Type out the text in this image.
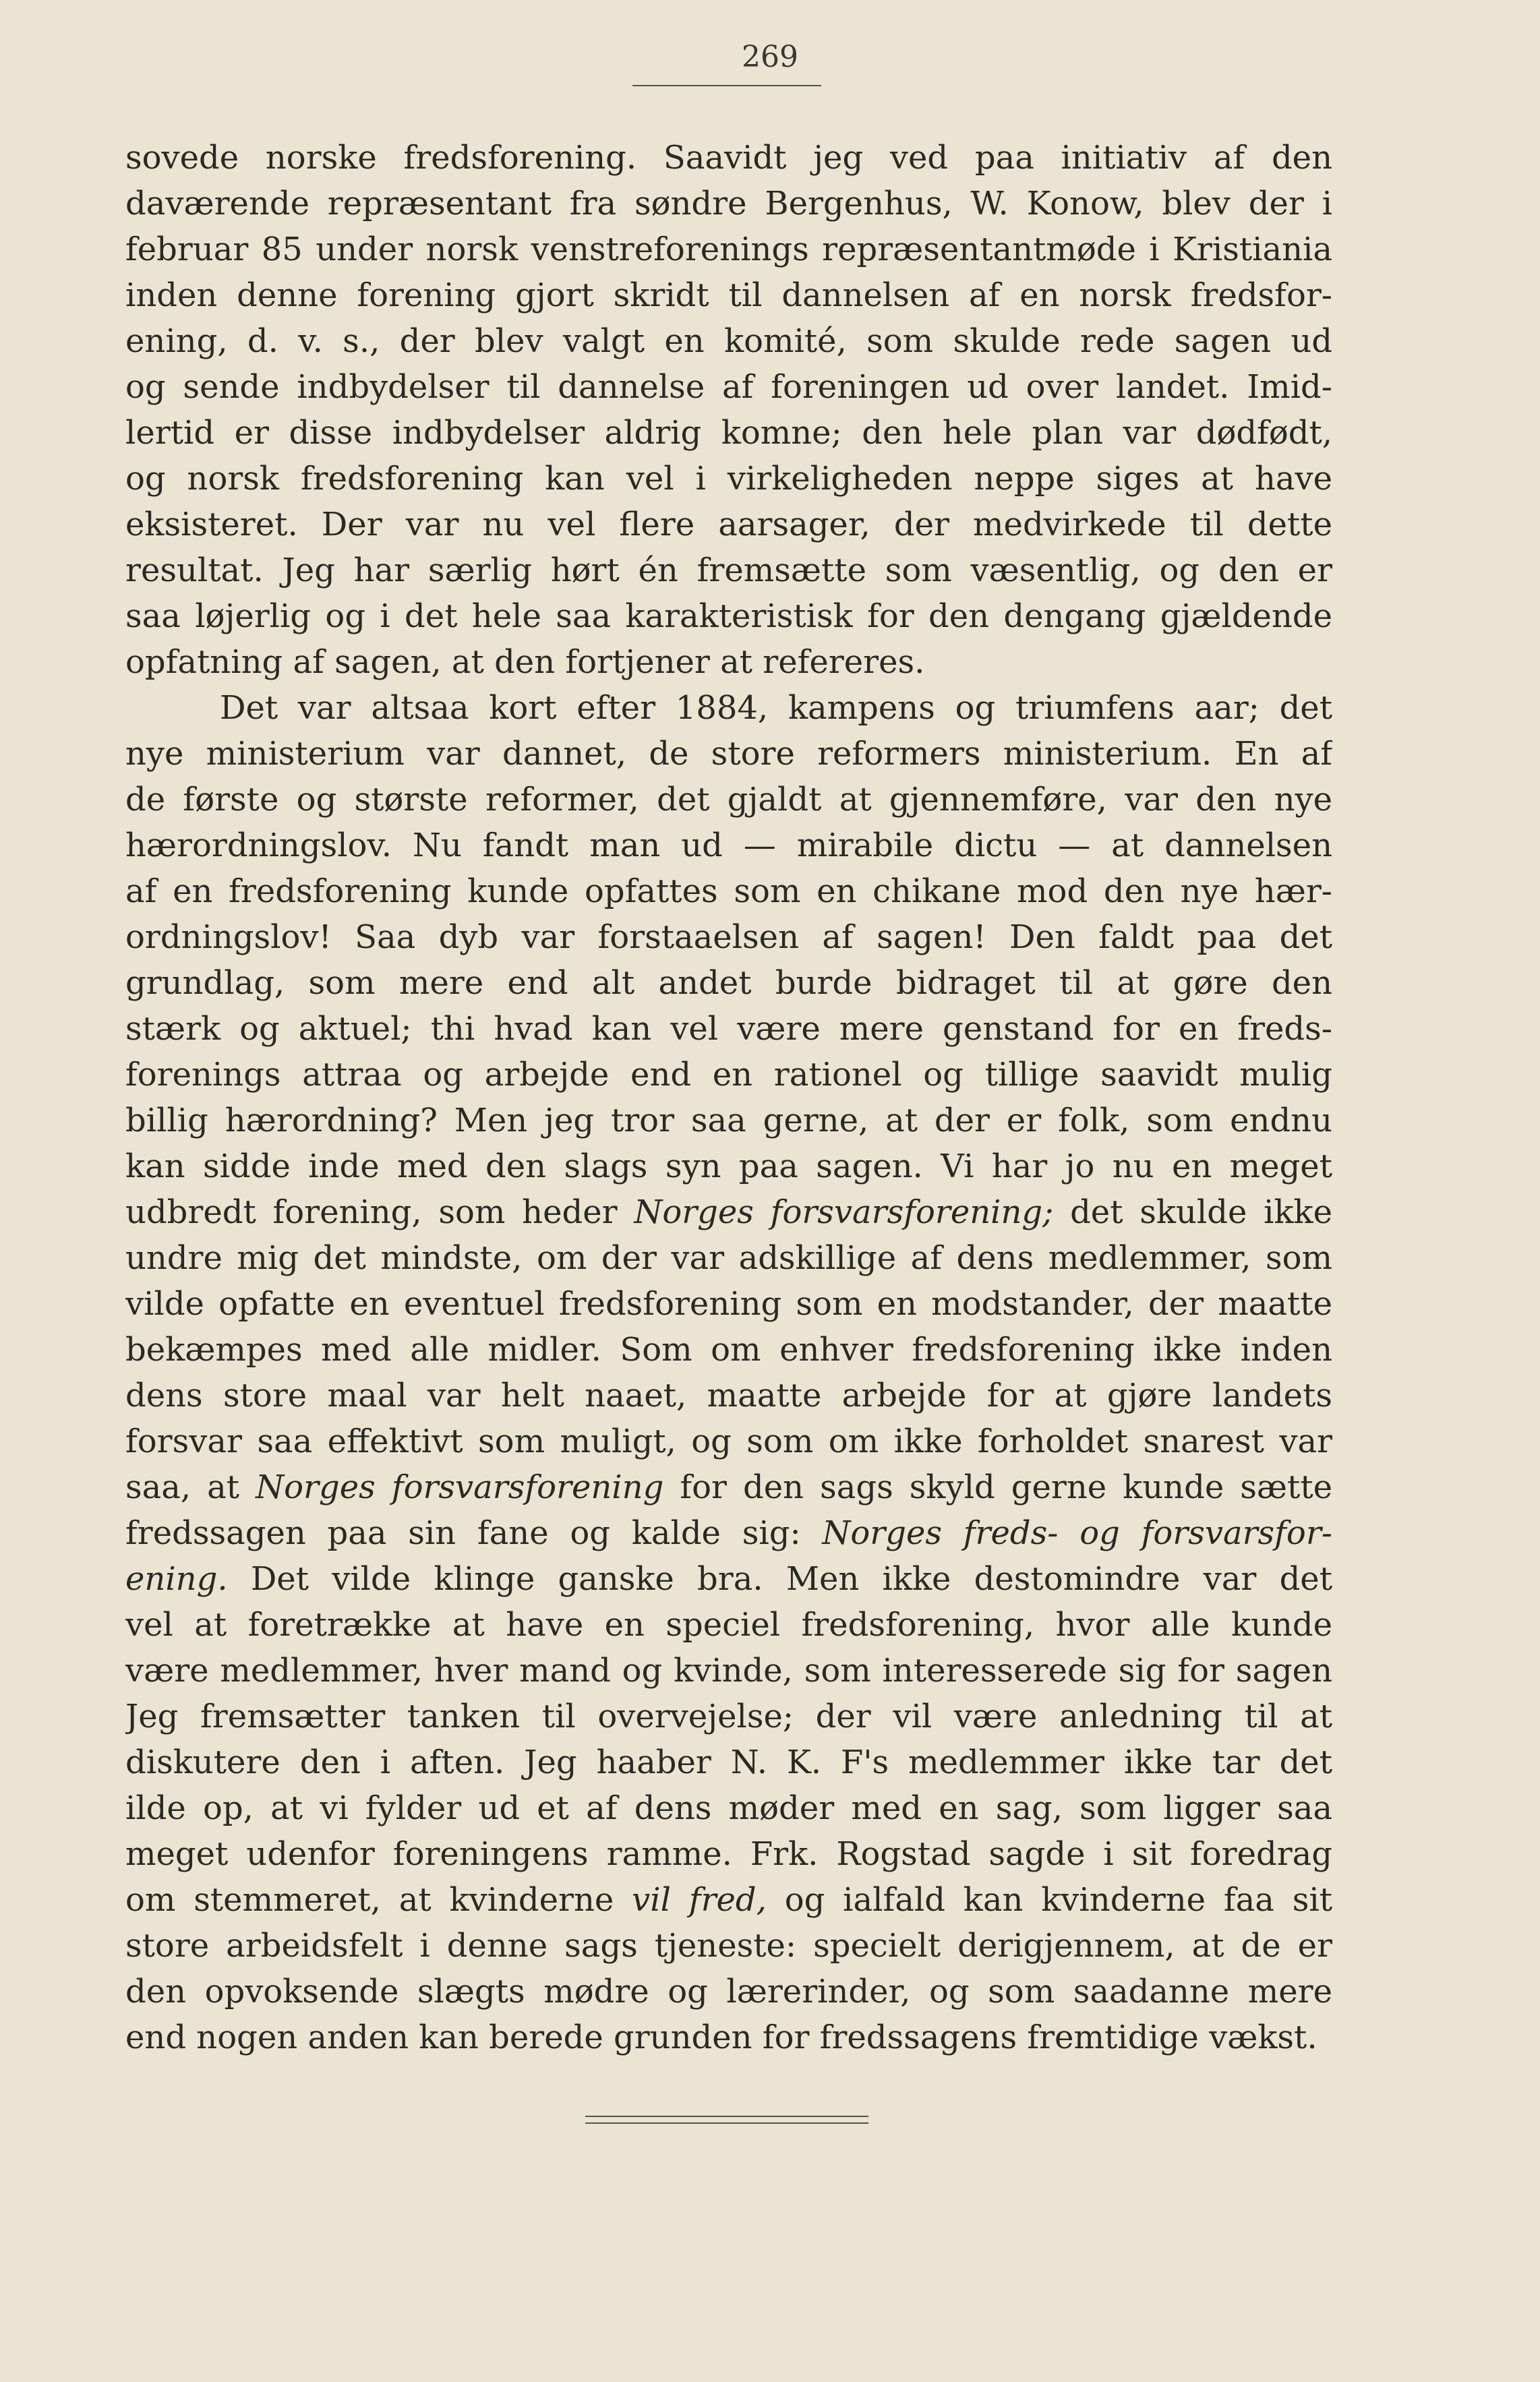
269
sovede norske fredsforening. Saavidt jeg ved paa initiativ af den
daværende repræsentant fra søndre Bergenhus, W. Konow, blev der i
februar 85 under norsk venstreforenings repræsentantmøde i Kristiania
inden denne forening gjort skridt til dannelsen af en norsk fredsfor-
ening, d. v. s., der blev valgt en komité, som skulde rede sagen ud
og sende indbydelser til dannelse af foreningen ud over landet. Imid-
lertid er disse indbydelser aldrig komne; den hele plan var dødfødt,
og norsk fredsforening kan vel i virkeligheden neppe siges at have
eksisteret. Der var nu vel flere aarsager, der medvirkede til dette
resultat. Jeg har særlig hørt én fremsætte som væsentlig, og den er
saa løjerlig og i det hele saa karakteristisk for den dengang gjældende
opfatning af sagen, at den fortjener at refereres.
Det var altsaa kort efter 1884, kampens og triumfens aar; det
nye ministerium var dannet, de store reformers ministerium. En af
de første og største reformer, det gjaldt at gjennemføre, var den nye
hærordningslov. Nu fandt man ud — mirabile dictu — at dannelsen
af en fredsforening kunde opfattes som en chikane mod den nye hær-
ordningslov! Saa dyb var forstaaelsen af sagen! Den faldt paa det
grundlag, som mere end alt andet burde bidraget til at gøre den
stærk og aktuel; thi hvad kan vel være mere genstand for en freds-
forenings attraa og arbejde end en rationel og tillige saavidt mulig
billig hærordning? Men jeg tror saa gerne, at der er folk, som endnu
kan sidde inde med den slags syn paa sagen. Vi har jo nu en meget
udbredt forening, som heder Norges forsvarsforening; det skulde ikke
undre mig det mindste, om der var adskillige af dens medlemmer, som
vilde opfatte en eventuel fredsforening som en modstander, der maatte
bekæmpes med alle midler. Som om enhver fredsforening ikke inden
dens store maal var helt naaet, maatte arbejde for at gjøre landets
forsvar saa effektivt som muligt, og som om ikke forholdet snarest var
saa, at Norges forsvarsforening for den sags skyld gerne kunde sætte
fredssagen paa sin fane og kalde sig: Norges freds- og forsvarsfor-
ening. Det vilde klinge ganske bra. Men ikke destomindre var det
vel at foretrække at have en speciel fredsforening, hvor alle kunde
være medlemmer, hver mand og kvinde, som interesserede sig for sagen
Jeg fremsætter tanken til overvejelse; der vil være anledning til at
diskutere den i aften. Jeg haaber N. K. F's medlemmer ikke tar det
ilde op, at vi fylder ud et af dens møder med en sag, som ligger saa
meget udenfor foreningens ramme. Frk. Rogstad sagde i sit foredrag
om stemmeret, at kvinderne vil fred, og ialfald kan kvinderne faa sit
store arbeidsfelt i denne sags tjeneste: specielt derigjennem, at de er
den opvoksende slægts mødre og lærerinder, og som saadanne mere
end nogen anden kan berede grunden for fredssagens fremtidige vækst.
